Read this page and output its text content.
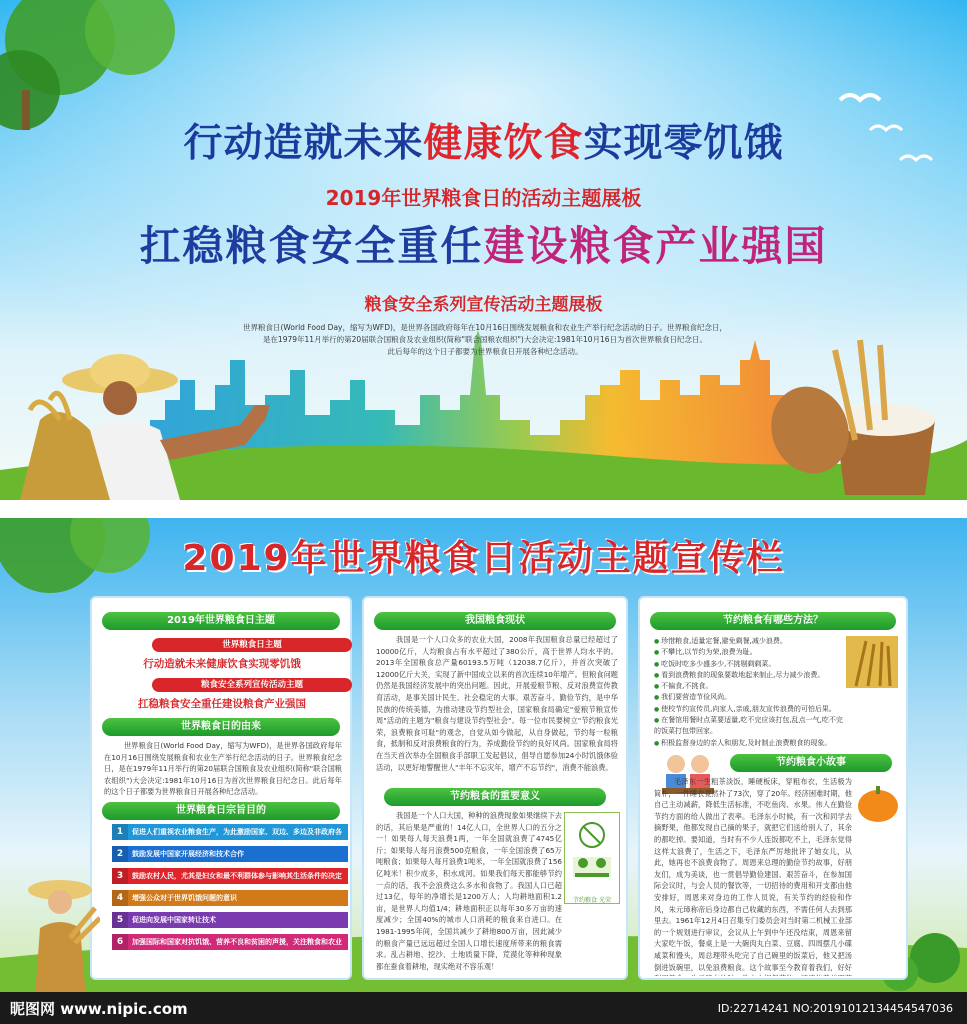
行动造就未来健康饮食实现零饥饿
2019年世界粮食日的活动主题展板
扛稳粮食安全重任建设粮食产业强国
粮食安全系列宣传活动主题展板
世界粮食日(World Food Day，缩写为WFD)，是世界各国政府每年在10月16日围绕发展粮食和农业生产举行纪念活动的日子。世界粮食纪念日，
是在1979年11月举行的第20届联合国粮食及农业组织(简称"联合国粮农组织")大会决定:1981年10月16日为首次世界粮食日纪念日。
此后每年的这个日子都要为世界粮食日开展各种纪念活动。
2019年世界粮食日活动主题宣传栏
2019年世界粮食日主题
世界粮食日主题
行动造就未来健康饮食实现零饥饿
粮食安全系列宣传活动主题
扛稳粮食安全重任建设粮食产业强国
世界粮食日的由来
世界粮食日(World Food Day，缩写为WFD)，是世界各国政府每年在10月16日围绕发展粮食和农业生产举行纪念活动的日子。世界粮食纪念日，是在1979年11月举行的第20届联合国粮食及农业组织(简称"联合国粮农组织")大会决定:1981年10月16日为首次世界粮食日纪念日。此后每年的这个日子都要为世界粮食日开展各种纪念活动。
世界粮食日宗旨目的
1	促进人们重视农业粮食生产，为此激励国家、双边、多边及非政府各
2	鼓励发展中国家开展经济和技术合作
3	鼓励农村人民，尤其是妇女和最不利群体参与影响其生活条件的决定
4	增强公众对于世界饥饿问题的意识
5	促进向发展中国家转让技术
6	加强国际和国家对抗饥饿、营养不良和贫困的声援，关注粮食和农业发展方面的成就
我国粮食现状
我国是一个人口众多的农业大国，2008年我国粮食总量已经超过了10000亿斤，人均粮食占有水平超过了380公斤，高于世界人均水平的。2013年全国粮食总产量60193.5万吨（12038.7亿斤），并首次突破了12000亿斤大关，实现了新中国成立以来的首次连续10年增产。但粮食问题仍然是我国经济发展中的突出问题。因此，开展爱粮节粮、反对浪费宣传教育活动，是事关国计民生、社会稳定的大事。艰苦奋斗、勤俭节约，是中华民族的传统美德，为推动建设节约型社会，国家粮食局确定"爱粮节粮宣传周"活动的主题为"粮食与建设节约型社会"。每一位市民要树立"节约粮食光荣，浪费粮食可耻"的观念，自觉从如今做起，从自身做起，节约每一粒粮食，抵制和反对浪费粮食的行为，养成勤俭节约的良好风尚。国家粮食局将在当天首次举办全国粮食手部职工发起倡议，倡导自愿参加24小时饥饿体验活动，以更好地警醒世人"丰年不忘灾年，增产不忘节约"，消费不能浪费。
节约粮食的重要意义
我国是一个人口大国，种种的浪费现象如果继续下去的话，其后果是严重的！14亿人口，全世界人口的五分之一！如果每人每天浪费1两，一年全国就浪费了4745亿斤；如果每人每月浪费500克粮食，一年全国浪费了65万吨粮食；如果每人每月浪费1吨米，一年全国就浪费了156亿吨米！积少成多，积水成河。如果我们每天都能够节约一点的话，我不会浪费这么多水和食物了。我国人口已超过13亿，每年的净增长是1200万人；人均耕地面积1.2亩，是世界人均值1/4；耕地面积正以每年30多万亩的速度减少；全国40%的城市人口消耗的粮食来自进口。在1981-1995年间，全国共减少了耕地800万亩，因此减少的粮食产量已远远超过全国人口增长速度所带来的粮食需求。乱占耕地、挖沙、土地质量下降，荒漠化等种种现象都在蚕食着耕地，现实绝对不容乐观！
节约粮食 光荣
节约粮食有哪些方法？
● 珍惜粮食,适量定餐,避免剩餐,减少浪费。
● 不攀比,以节约为荣,浪费为耻。
● 吃饭时吃多少盛多少,不挑剔剩剩菜。
● 看到浪费粮食的现象要敢地起来制止,尽力减少浪费。
● 不偏食,不挑食。
● 我们要营造节俭风尚。
● 使校节约宣传员,向家人,亲戚,朋友宣传浪费的可怕后果。
● 在餐馆用餐时点菜要适量,吃不完应该打包,乱点一气,吃不完的饭菜打包带回家。
● 积极监督身边的亲人和朋友,及时制止浪费粮食的现象。
节约粮食小故事
毛泽东一生粗茶淡饭，睡硬板床，穿粗布衣，生活极为简朴，一件睡衣竟然补了73次，穿了20年。经济困难时期，他自己主动减薪，降低生活标准，不吃鱼肉、水果。伟人在勤俭节约方面的给人做出了表率。毛泽东小时候，有一次和同学去摘野果，他都发现自己摘的果子，就把它们送给别人了，其余的都吃掉。要知道，当时有不少人连饭都吃不上，毛泽东觉得这样太浪费了，生活之下，毛泽东严厉地批评了她女儿，从此，她再也不浪费食物了。周恩来总理的勤俭节约故事，好朋友们，成为美谈，也一贯倡导勤俭建国、艰苦奋斗，在参加国际会议时，与会人员的餐饮等，一切招待的费用和开支都由他安排好，周恩来对身边的工作人员说，有关节约的经验和作风，朱元璋称帝后身边都自己收藏的东西，不需任何人去到那里去。1961年12月4日召集专门委员会对当时第二机械工业部的一个规划进行审议，会议从上午到中午还没结束，周恩来留大家吃午饭，餐桌上是一大碗肉丸白菜、豆腐、四周摆几小碟咸菜和馒头，周总理带头吃完了自己碗里的饭菜后，他又把汤倒进饭碗里，以免浪费粮食。这个故事至今教育着我们，好好
昵图网 www.nipic.com	ID:22714241 NO:20191012134454547036
